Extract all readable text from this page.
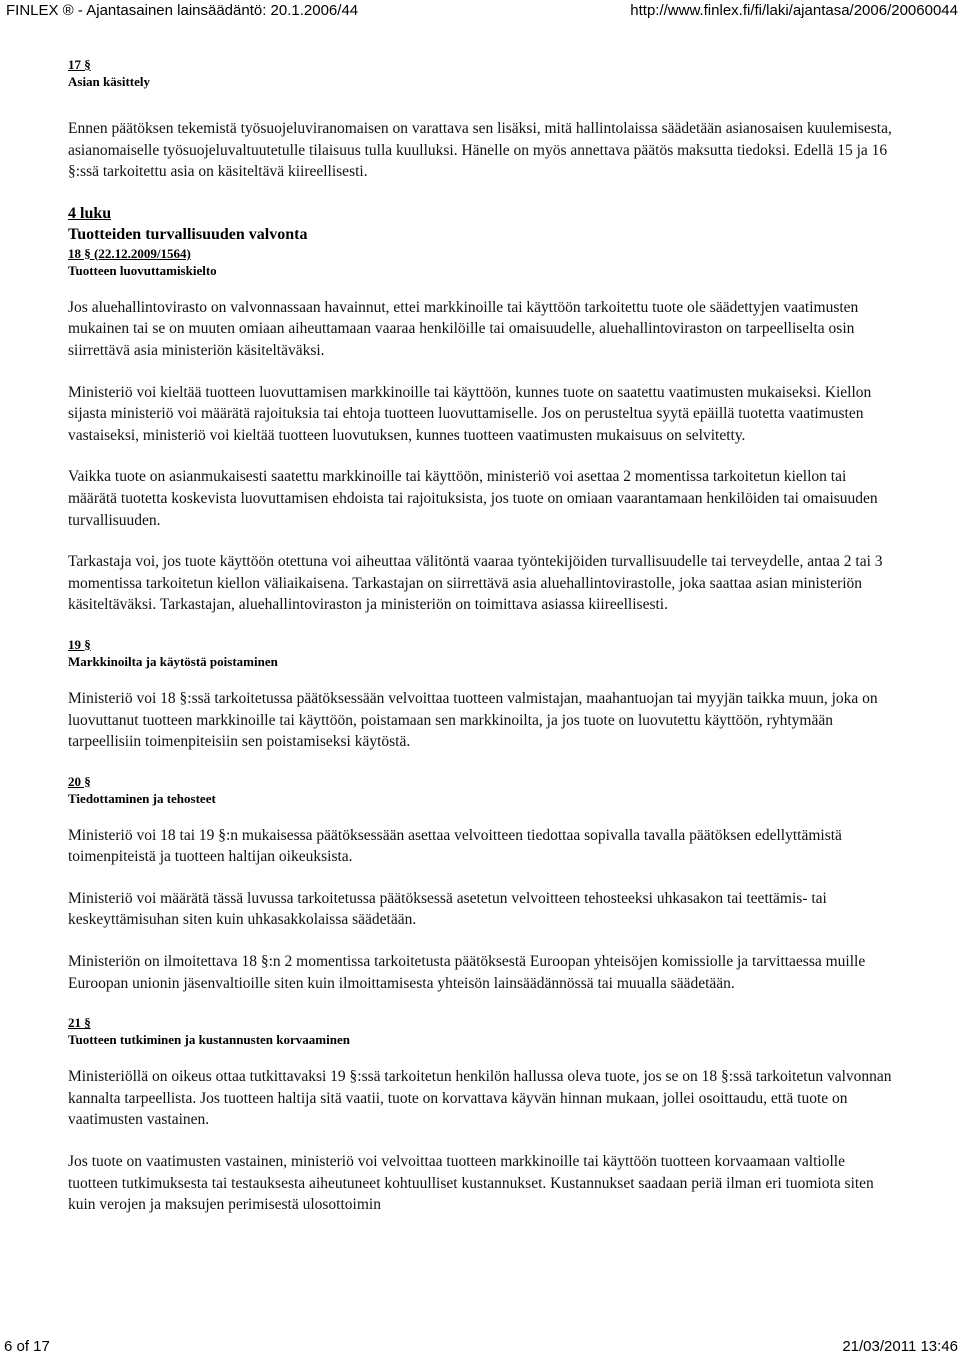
FINLEX ® - Ajantasainen lainsäädäntö: 20.1.2006/44	http://www.finlex.fi/fi/laki/ajantasa/2006/20060044
17 §
Asian käsittely

Ennen päätöksen tekemistä työsuojeluviranomaisen on varattava sen lisäksi, mitä hallintolaissa säädetään asianosaisen kuulemisesta, asianomaiselle työsuojeluvaltuutetulle tilaisuus tulla kuulluksi. Hänelle on myös annettava päätös maksutta tiedoksi. Edellä 15 ja 16 §:ssä tarkoitettu asia on käsiteltävä kiireellisesti.

4 luku
Tuotteiden turvallisuuden valvonta
18 § (22.12.2009/1564)
Tuotteen luovuttamiskielto

Jos aluehallintovirasto on valvonnassaan havainnut, ettei markkinoille tai käyttöön tarkoitettu tuote ole säädettyjen vaatimusten mukainen tai se on muuten omiaan aiheuttamaan vaaraa henkilöille tai omaisuudelle, aluehallintoviraston on tarpeelliselta osin siirrettävä asia ministeriön käsiteltäväksi.

Ministeriö voi kieltää tuotteen luovuttamisen markkinoille tai käyttöön, kunnes tuote on saatettu vaatimusten mukaiseksi. Kiellon sijasta ministeriö voi määrätä rajoituksia tai ehtoja tuotteen luovuttamiselle. Jos on perusteltua syytä epäillä tuotetta vaatimusten vastaiseksi, ministeriö voi kieltää tuotteen luovutuksen, kunnes tuotteen vaatimusten mukaisuus on selvitetty.

Vaikka tuote on asianmukaisesti saatettu markkinoille tai käyttöön, ministeriö voi asettaa 2 momentissa tarkoitetun kiellon tai määrätä tuotetta koskevista luovuttamisen ehdoista tai rajoituksista, jos tuote on omiaan vaarantamaan henkilöiden tai omaisuuden turvallisuuden.

Tarkastaja voi, jos tuote käyttöön otettuna voi aiheuttaa välitöntä vaaraa työntekijöiden turvallisuudelle tai terveydelle, antaa 2 tai 3 momentissa tarkoitetun kiellon väliaikaisena. Tarkastajan on siirrettävä asia aluehallintovirastolle, joka saattaa asian ministeriön käsiteltäväksi. Tarkastajan, aluehallintoviraston ja ministeriön on toimittava asiassa kiireellisesti.

19 §
Markkinoilta ja käytöstä poistaminen

Ministeriö voi 18 §:ssä tarkoitetussa päätöksessään velvoittaa tuotteen valmistajan, maahantuojan tai myyjän taikka muun, joka on luovuttanut tuotteen markkinoille tai käyttöön, poistamaan sen markkinoilta, ja jos tuote on luovutettu käyttöön, ryhtymään tarpeellisiin toimenpiteisiin sen poistamiseksi käytöstä.

20 §
Tiedottaminen ja tehosteet

Ministeriö voi 18 tai 19 §:n mukaisessa päätöksessään asettaa velvoitteen tiedottaa sopivalla tavalla päätöksen edellyttämistä toimenpiteistä ja tuotteen haltijan oikeuksista.

Ministeriö voi määrätä tässä luvussa tarkoitetussa päätöksessä asetetun velvoitteen tehosteeksi uhkasakon tai teettämis- tai keskeyttämisuhan siten kuin uhkasakkolaissa säädetään.

Ministeriön on ilmoitettava 18 §:n 2 momentissa tarkoitetusta päätöksestä Euroopan yhteisöjen komissiolle ja tarvittaessa muille Euroopan unionin jäsenvaltioille siten kuin ilmoittamisesta yhteisön lainsäädännössä tai muualla säädetään.

21 §
Tuotteen tutkiminen ja kustannusten korvaaminen

Ministeriöllä on oikeus ottaa tutkittavaksi 19 §:ssä tarkoitetun henkilön hallussa oleva tuote, jos se on 18 §:ssä tarkoitetun valvonnan kannalta tarpeellista. Jos tuotteen haltija sitä vaatii, tuote on korvattava käyvän hinnan mukaan, jollei osoittaudu, että tuote on vaatimusten vastainen.

Jos tuote on vaatimusten vastainen, ministeriö voi velvoittaa tuotteen markkinoille tai käyttöön tuotteen korvaamaan valtiolle tuotteen tutkimuksesta tai testauksesta aiheutuneet kohtuulliset kustannukset. Kustannukset saadaan periä ilman eri tuomiota siten kuin verojen ja maksujen perimisestä ulosottoimin

6 of 17	21/03/2011 13:46
